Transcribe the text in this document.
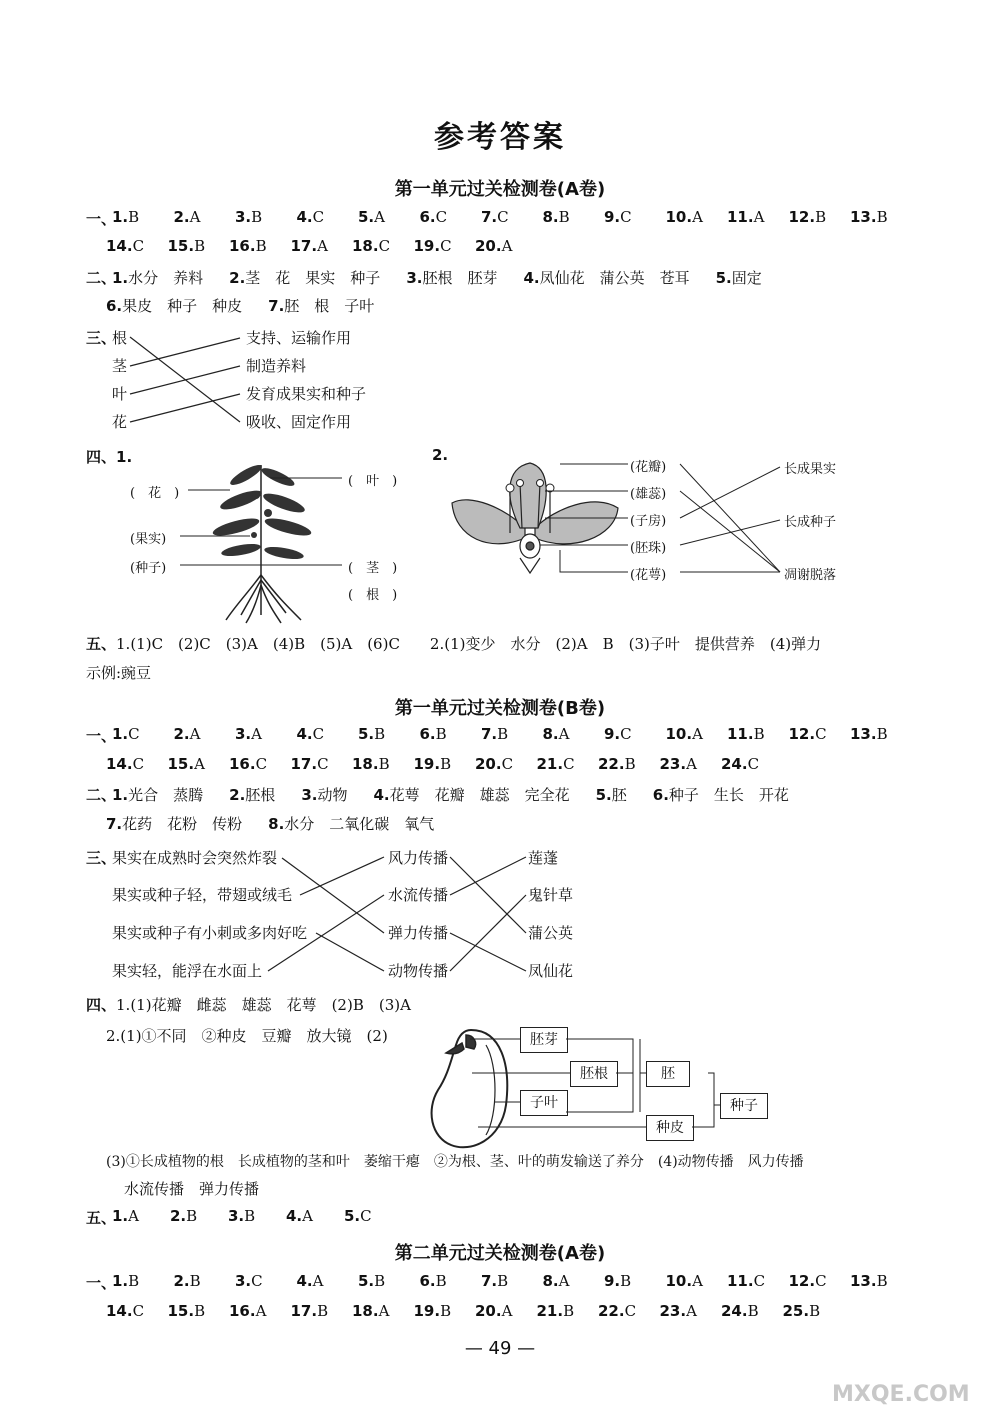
参考答案
第一单元过关检测卷(A卷)
一、
1.B 2.A 3.B 4.C 5.A 6.C 7.C 8.B 9.C 10.A 11.A 12.B 13.B
14.C 15.B 16.B 17.A 18.C 19.C 20.A
二、
1.水分　养料 2.茎　花　果实　种子 3.胚根　胚芽 4.凤仙花　蒲公英　苍耳 5.固定
6.果皮　种子　种皮 7.胚　根　子叶
三、
根
茎
叶
花
支持、运输作用
制造养料
发育成果实和种子
吸收、固定作用
四、1.
(　花　)
(　叶　)
(果实)
(种子)	(　茎　)
(　根　)
2.
(花瓣)
(雄蕊)
(子房)
(胚珠)
(花萼)
长成果实
长成种子
凋谢脱落
五、1.(1)C　(2)C　(3)A　(4)B　(5)A　(6)C　　2.(1)变少　水分　(2)A　B　(3)子叶　提供营养　(4)弹力
示例:豌豆
第一单元过关检测卷(B卷)
一、
1.C 2.A 3.A 4.C 5.B 6.B 7.B 8.A 9.C 10.A 11.B 12.C 13.B
14.C 15.A 16.C 17.C 18.B 19.B 20.C 21.C 22.B 23.A 24.C
二、
1.光合　蒸腾 2.胚根 3.动物 4.花萼　花瓣　雄蕊　完全花 5.胚 6.种子　生长　开花
7.花药　花粉　传粉 8.水分　二氧化碳　氧气
三、
果实在成熟时会突然炸裂
果实或种子轻，带翅或绒毛
果实或种子有小刺或多肉好吃
果实轻，能浮在水面上
风力传播
水流传播
弹力传播
动物传播
莲蓬
鬼针草
蒲公英
凤仙花
四、1.(1)花瓣　雌蕊　雄蕊　花萼　(2)B　(3)A
2.(1)①不同　②种皮　豆瓣　放大镜　(2)	胚芽
胚根
子叶
胚
种皮
种子
(3)①长成植物的根　长成植物的茎和叶　萎缩干瘪　②为根、茎、叶的萌发输送了养分　(4)动物传播　风力传播
水流传播　弹力传播
五、
1.A 2.B 3.B 4.A 5.C
第二单元过关检测卷(A卷)
一、
1.B 2.B 3.C 4.A 5.B 6.B 7.B 8.A 9.B 10.A 11.C 12.C 13.B
14.C 15.B 16.A 17.B 18.A 19.B 20.A 21.B 22.C 23.A 24.B 25.B
— 49 —
MXQE.COM
